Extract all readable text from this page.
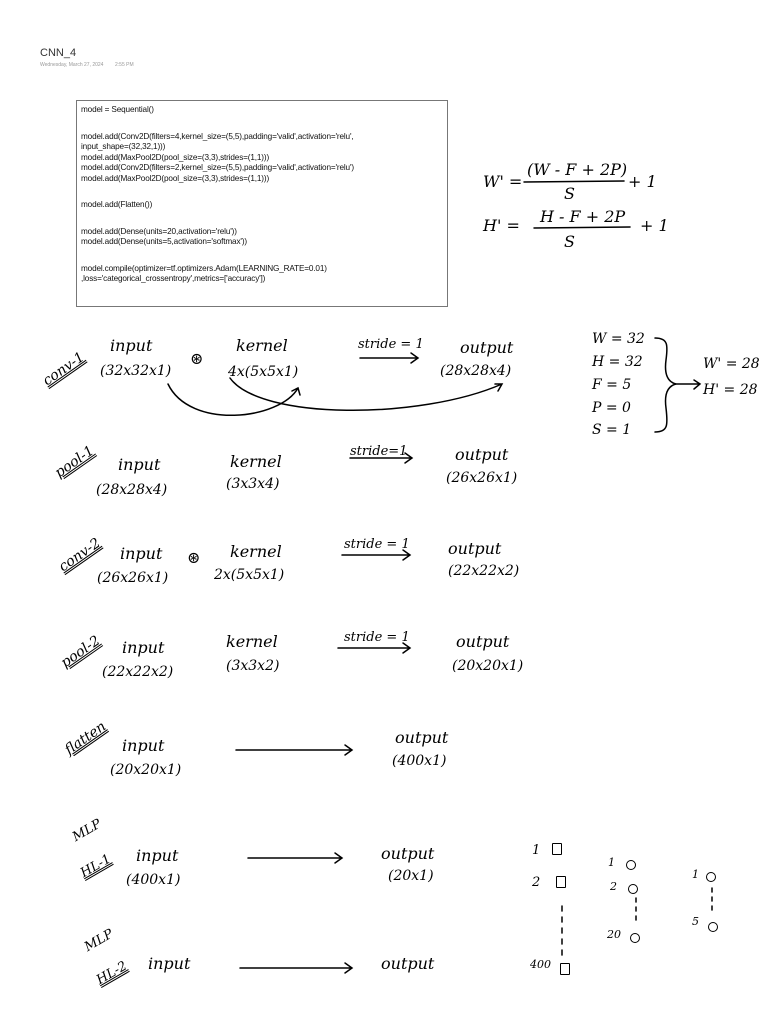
CNN_4
Wednesday, March 27, 2024 2:55 PM
model = Sequential()
model.add(Conv2D(filters=4,kernel_size=(5,5),padding='valid',activation='relu',
input_shape=(32,32,1)))
model.add(MaxPool2D(pool_size=(3,3),strides=(1,1)))
model.add(Conv2D(filters=2,kernel_size=(5,5),padding='valid',activation='relu')
model.add(MaxPool2D(pool_size=(3,3),strides=(1,1)))
model.add(Flatten())
model.add(Dense(units=20,activation='relu'))
model.add(Dense(units=5,activation='softmax'))
model.compile(optimizer=tf.optimizers.Adam(LEARNING_RATE=0.01)
,loss='categorical_crossentropy',metrics=['accuracy'])
W' =
(W - F + 2P)
S
+ 1
H' = H - F + 2P
S
+ 1
conv-1
input
(32x32x1)
⊛
kernel
4x(5x5x1)
stride = 1 output
(28x28x4)
W = 32
H = 32
F = 5
P = 0
S = 1
W' = 28
H' = 28
pool-1 input
(28x28x4)
kernel
(3x3x4)
stride=1	output
(26x26x1)
conv-2 input
(26x26x1)
⊛ kernel
2x(5x5x1)
stride = 1 output
(22x22x2)
pool-2 input
(22x22x2)
kernel
(3x3x2)
stride = 1	output
(20x20x1)
flatten input
(20x20x1)
output
(400x1)
MLP
HL-1 input
(400x1)
output
(20x1)
MLP
HL-2 input	output
1
2
400
1
2
20
1
5
